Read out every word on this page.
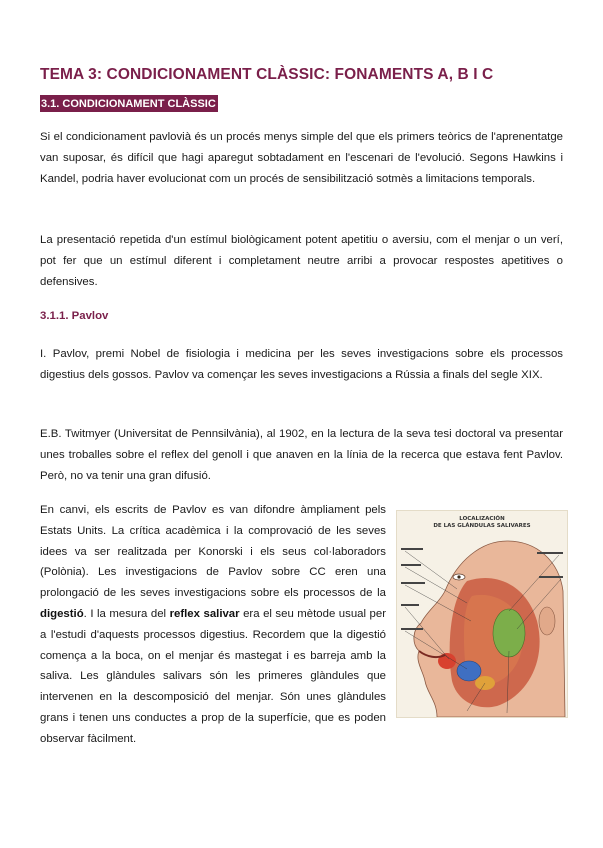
TEMA 3: CONDICIONAMENT CLÀSSIC: FONAMENTS A, B I C
3.1. CONDICIONAMENT CLÀSSIC

Si el condicionament pavlovià és un procés menys simple del que els primers teòrics de l'aprenentatge van suposar, és difícil que hagi aparegut sobtadament en l'escenari de l'evolució. Segons Hawkins i Kandel, podria haver evolucionat com un procés de sensibilització sotmès a limitacions temporals.

La presentació repetida d'un estímul biològicament potent apetitiu o aversiu, com el menjar o un verí, pot fer que un estímul diferent i completament neutre arribi a provocar respostes apetitives o defensives.

3.1.1. Pavlov

I. Pavlov, premi Nobel de fisiologia i medicina per les seves investigacions sobre els processos digestius dels gossos. Pavlov va començar les seves investigacions a Rússia a finals del segle XIX.

E.B. Twitmyer (Universitat de Pennsilvània), al 1902, en la lectura de la seva tesi doctoral va presentar unes troballes sobre el reflex del genoll i que anaven en la línia de la recerca que estava fent Pavlov. Però, no va tenir una gran difusió.

En canvi, els escrits de Pavlov es van difondre àmpliament pels Estats Units. La crítica acadèmica i la comprovació de les seves idees va ser realitzada per Konorski i els seus col·laboradors (Polònia). Les investigacions de Pavlov sobre CC eren una prolongació de les seves investigacions sobre els processos de la digestió. I la mesura del reflex salivar era el seu mètode usual per a l'estudi d'aquests processos digestius. Recordem que la digestió comença a la boca, on el menjar és mastegat i es barreja amb la saliva. Les glàndules salivars són les primeres glàndules que intervenen en la descomposició del menjar. Són unes glàndules grans i tenen uns conductes a prop de la superfície, que es poden observar fàcilment.

LOCALIZACIÓN
DE LAS GLÁNDULAS SALIVARES
